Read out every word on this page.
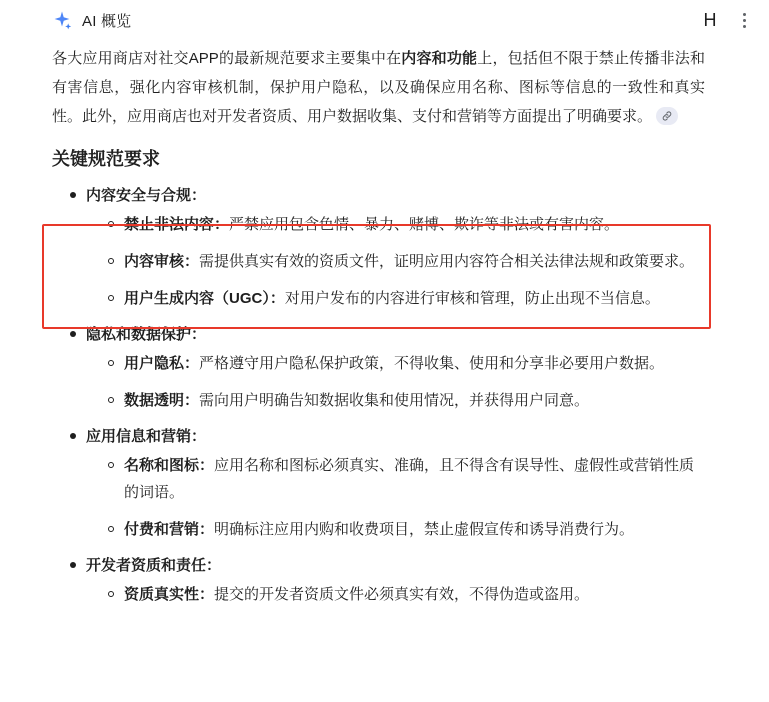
AI 概览	H

各大应用商店对社交APP的最新规范要求主要集中在内容和功能上，包括但不限于禁止传播非法和有害信息，强化内容审核机制，保护用户隐私，以及确保应用名称、图标等信息的一致性和真实性。此外，应用商店也对开发者资质、用户数据收集、支付和营销等方面提出了明确要求。

关键规范要求
内容安全与合规：
禁止非法内容：严禁应用包含色情、暴力、赌博、欺诈等非法或有害内容。
内容审核：需提供真实有效的资质文件，证明应用内容符合相关法律法规和政策要求。
用户生成内容（UGC）：对用户发布的内容进行审核和管理，防止出现不当信息。
隐私和数据保护：
用户隐私：严格遵守用户隐私保护政策，不得收集、使用和分享非必要用户数据。
数据透明：需向用户明确告知数据收集和使用情况，并获得用户同意。
应用信息和营销：
名称和图标：应用名称和图标必须真实、准确，且不得含有误导性、虚假性或营销性质的词语。
付费和营销：明确标注应用内购和收费项目，禁止虚假宣传和诱导消费行为。
开发者资质和责任：
资质真实性：提交的开发者资质文件必须真实有效，不得伪造或盗用。
